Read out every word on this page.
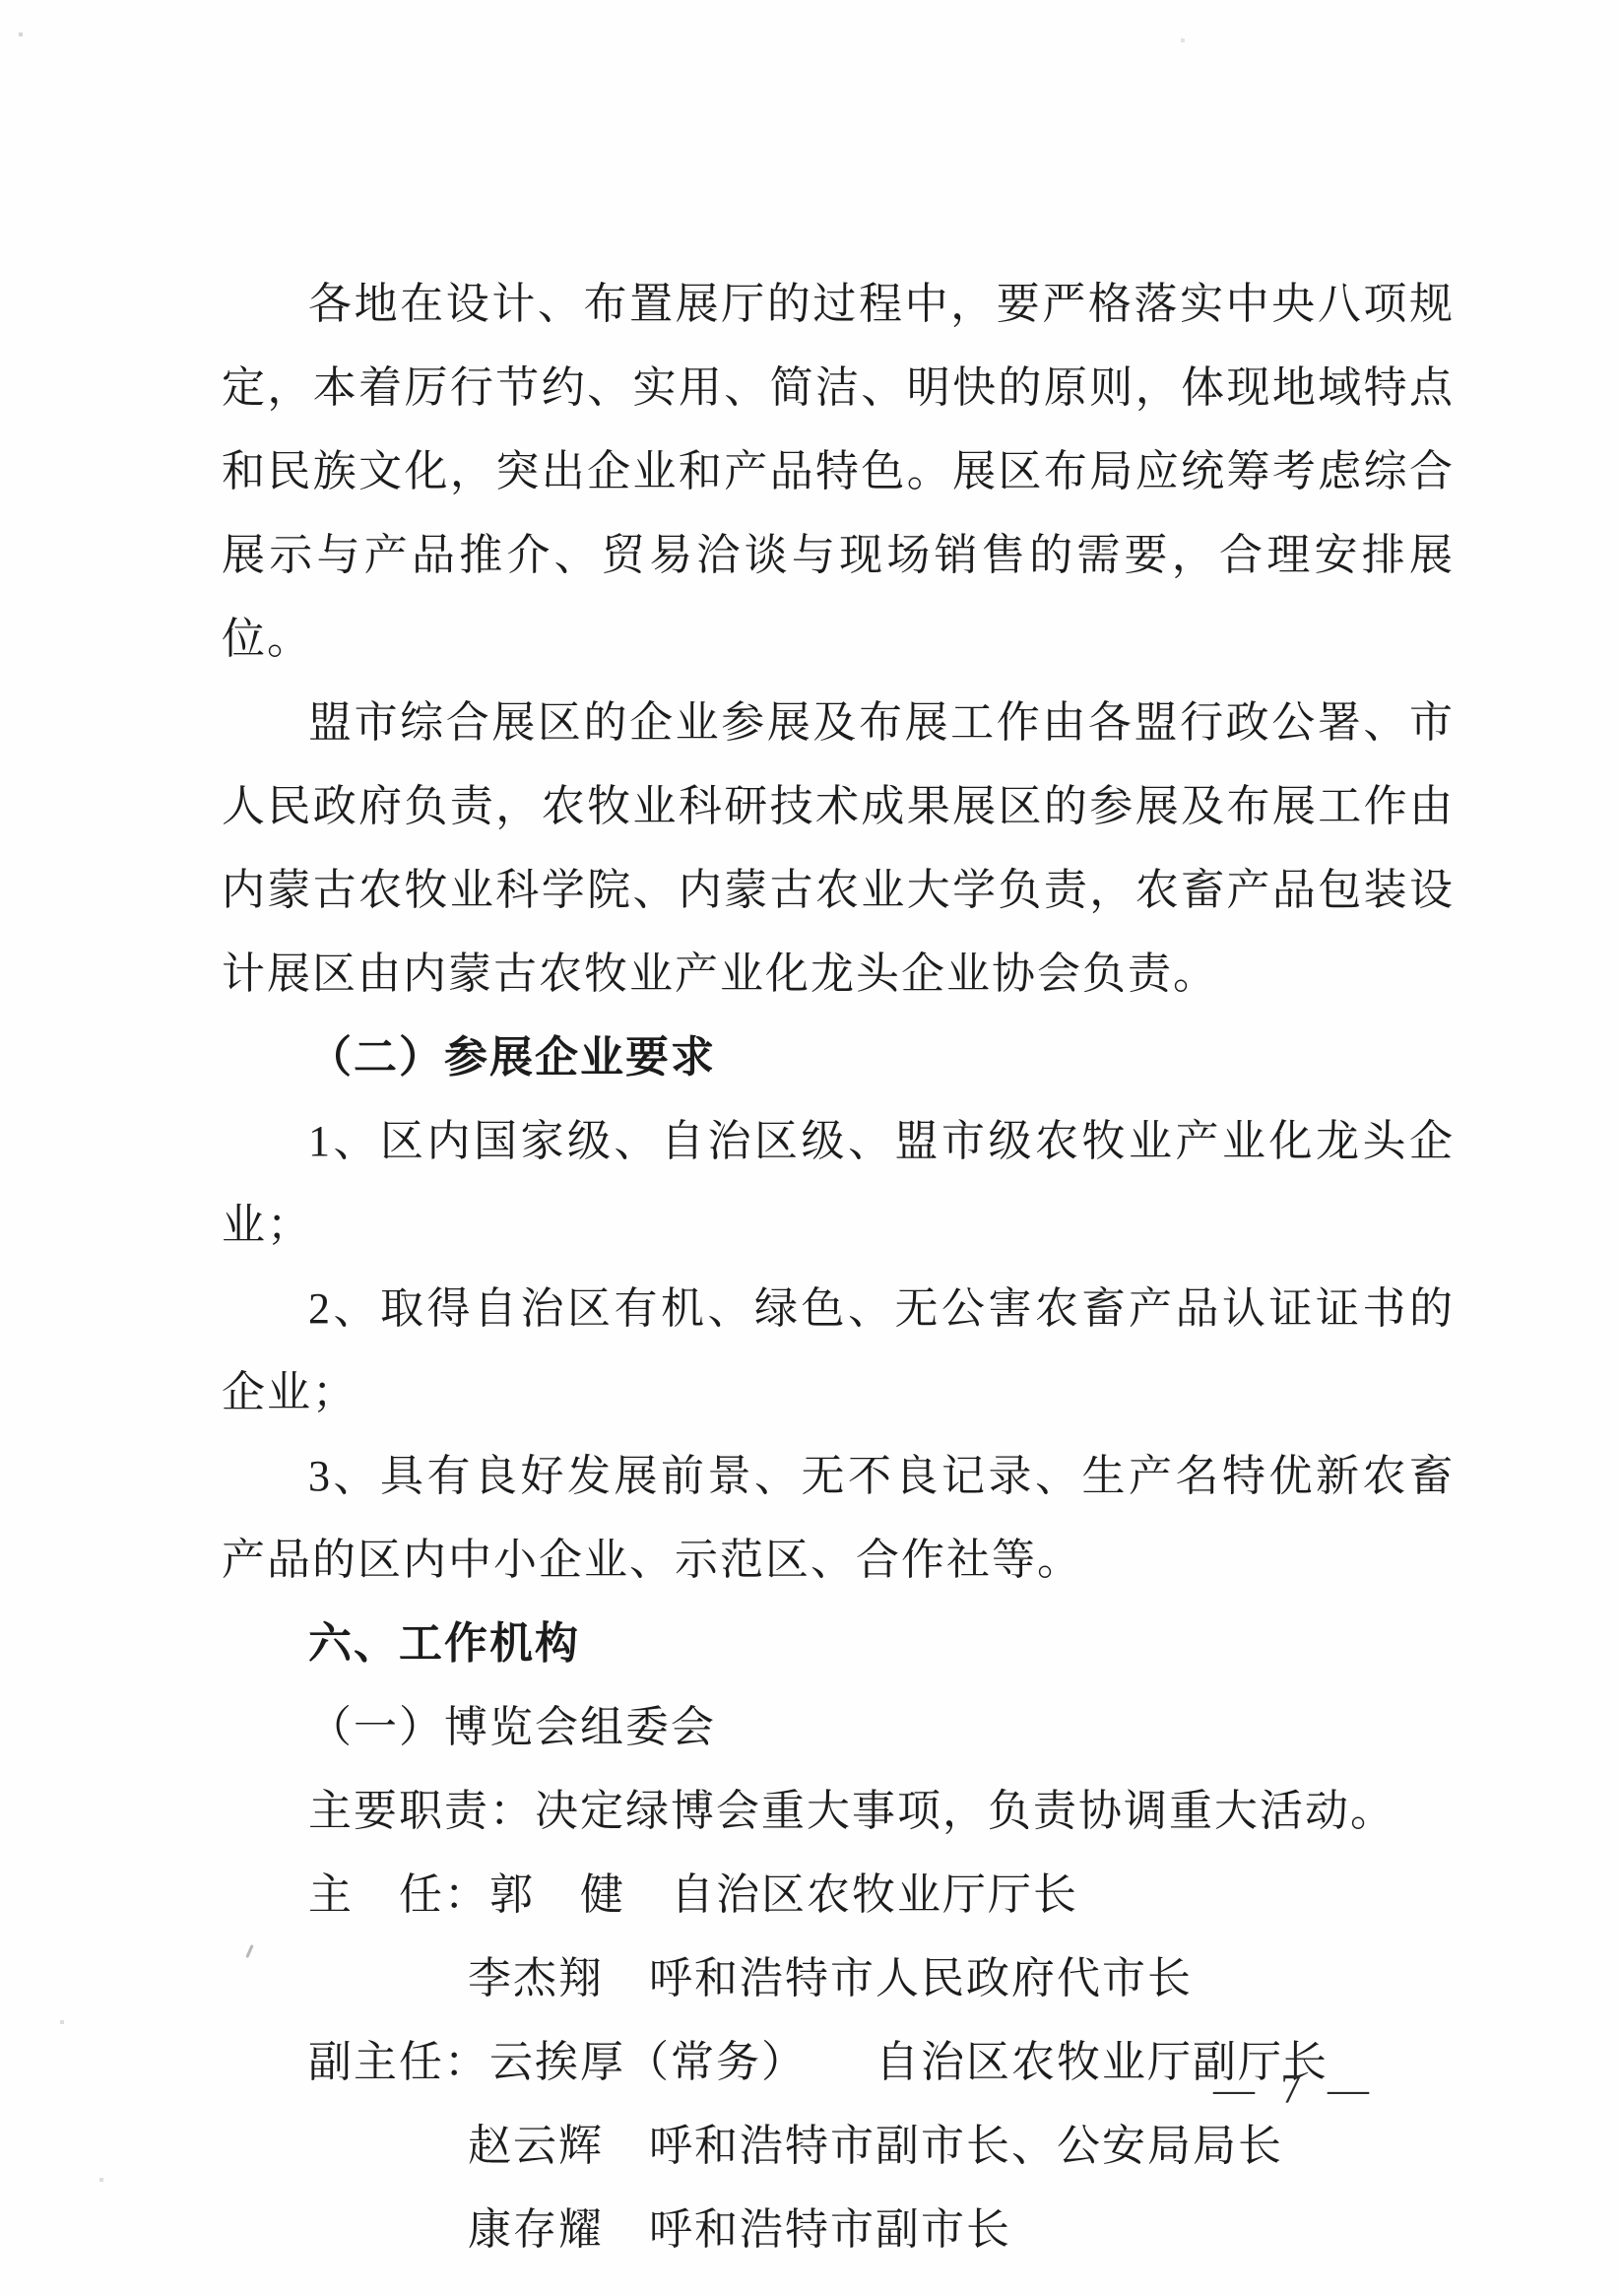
各地在设计、布置展厅的过程中，要严格落实中央八项规定，本着厉行节约、实用、简洁、明快的原则，体现地域特点和民族文化，突出企业和产品特色。展区布局应统筹考虑综合展示与产品推介、贸易洽谈与现场销售的需要，合理安排展位。

盟市综合展区的企业参展及布展工作由各盟行政公署、市人民政府负责，农牧业科研技术成果展区的参展及布展工作由内蒙古农牧业科学院、内蒙古农业大学负责，农畜产品包装设计展区由内蒙古农牧业产业化龙头企业协会负责。

（二）参展企业要求

1、区内国家级、自治区级、盟市级农牧业产业化龙头企业；

2、取得自治区有机、绿色、无公害农畜产品认证证书的企业；

3、具有良好发展前景、无不良记录、生产名特优新农畜产品的区内中小企业、示范区、合作社等。

六、工作机构

（一）博览会组委会

主要职责：决定绿博会重大事项，负责协调重大活动。

主　任：郭　健　自治区农牧业厅厅长

李杰翔　呼和浩特市人民政府代市长

副主任：云挨厚（常务）　　自治区农牧业厅副厅长

赵云辉　呼和浩特市副市长、公安局局长

康存耀　呼和浩特市副市长

— 7 —
